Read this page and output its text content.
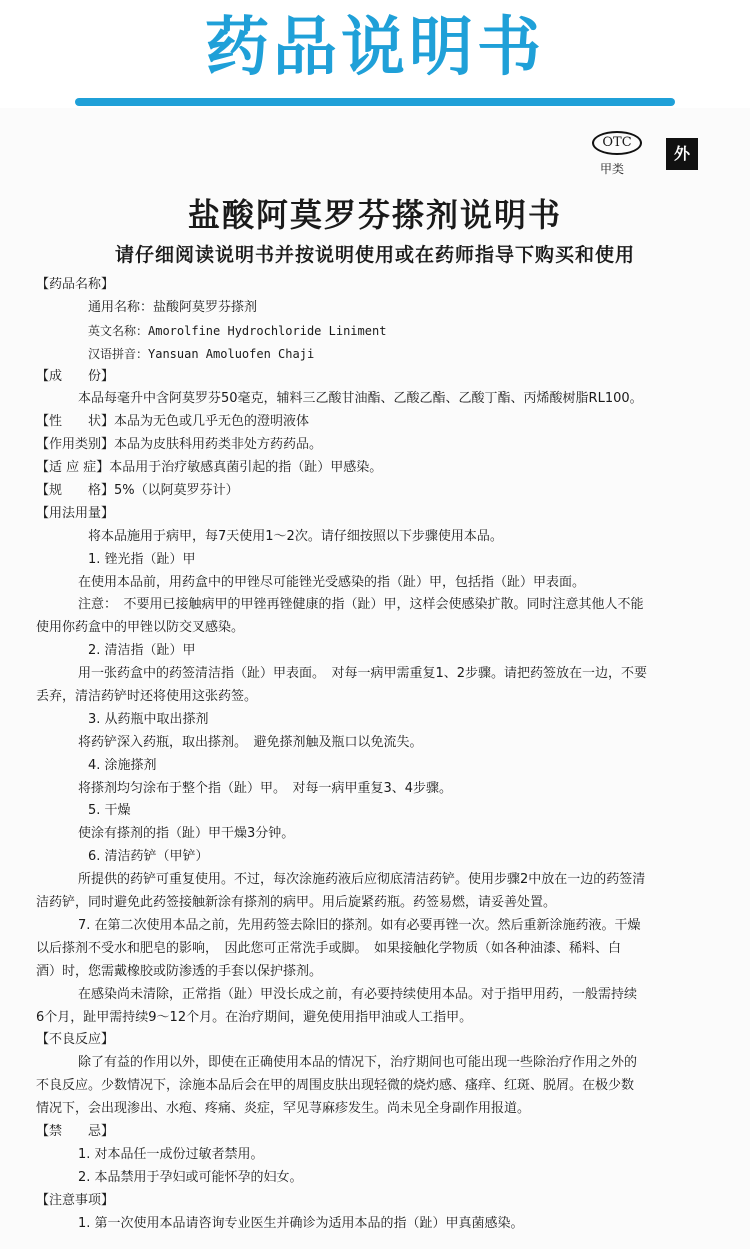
药品说明书
OTC
甲类
外
盐酸阿莫罗芬搽剂说明书
请仔细阅读说明书并按说明使用或在药师指导下购买和使用
【药品名称】
通用名称：盐酸阿莫罗芬搽剂
英文名称：Amorolfine Hydrochloride Liniment
汉语拼音：Yansuan Amoluofen Chaji
【成　　份】
本品每毫升中含阿莫罗芬50毫克，辅料三乙酸甘油酯、乙酸乙酯、乙酸丁酯、丙烯酸树脂RL100。
【性　　状】本品为无色或几乎无色的澄明液体
【作用类别】本品为皮肤科用药类非处方药药品。
【适 应 症】本品用于治疗敏感真菌引起的指（趾）甲感染。
【规　　格】5%（以阿莫罗芬计）
【用法用量】
将本品施用于病甲，每7天使用1～2次。请仔细按照以下步骤使用本品。
1. 锉光指（趾）甲
在使用本品前，用药盒中的甲锉尽可能锉光受感染的指（趾）甲，包括指（趾）甲表面。
注意：　不要用已接触病甲的甲锉再锉健康的指（趾）甲，这样会使感染扩散。同时注意其他人不能
使用你药盒中的甲锉以防交叉感染。
2. 清洁指（趾）甲
用一张药盒中的药签清洁指（趾）甲表面。　对每一病甲需重复1、2步骤。请把药签放在一边，不要
丢弃，清洁药铲时还将使用这张药签。
3. 从药瓶中取出搽剂
将药铲深入药瓶，取出搽剂。　避免搽剂触及瓶口以免流失。
4. 涂施搽剂
将搽剂均匀涂布于整个指（趾）甲。　对每一病甲重复3、4步骤。
5. 干燥
使涂有搽剂的指（趾）甲干燥3分钟。
6. 清洁药铲（甲铲）
所提供的药铲可重复使用。不过，每次涂施药液后应彻底清洁药铲。使用步骤2中放在一边的药签清
洁药铲，同时避免此药签接触新涂有搽剂的病甲。用后旋紧药瓶。药签易燃，请妥善处置。
7. 在第二次使用本品之前，先用药签去除旧的搽剂。如有必要再锉一次。然后重新涂施药液。干燥
以后搽剂不受水和肥皂的影响，　因此您可正常洗手或脚。　如果接触化学物质（如各种油漆、稀料、白
酒）时，您需戴橡胶或防渗透的手套以保护搽剂。
在感染尚未清除，正常指（趾）甲没长成之前，有必要持续使用本品。对于指甲用药，一般需持续
6个月，趾甲需持续9～12个月。在治疗期间，避免使用指甲油或人工指甲。
【不良反应】
除了有益的作用以外，即使在正确使用本品的情况下，治疗期间也可能出现一些除治疗作用之外的
不良反应。少数情况下，涂施本品后会在甲的周围皮肤出现轻微的烧灼感、瘙痒、红斑、脱屑。在极少数
情况下，会出现渗出、水疱、疼痛、炎症，罕见荨麻疹发生。尚未见全身副作用报道。
【禁　　忌】
1. 对本品任一成份过敏者禁用。
2. 本品禁用于孕妇或可能怀孕的妇女。
【注意事项】
1. 第一次使用本品请咨询专业医生并确诊为适用本品的指（趾）甲真菌感染。
